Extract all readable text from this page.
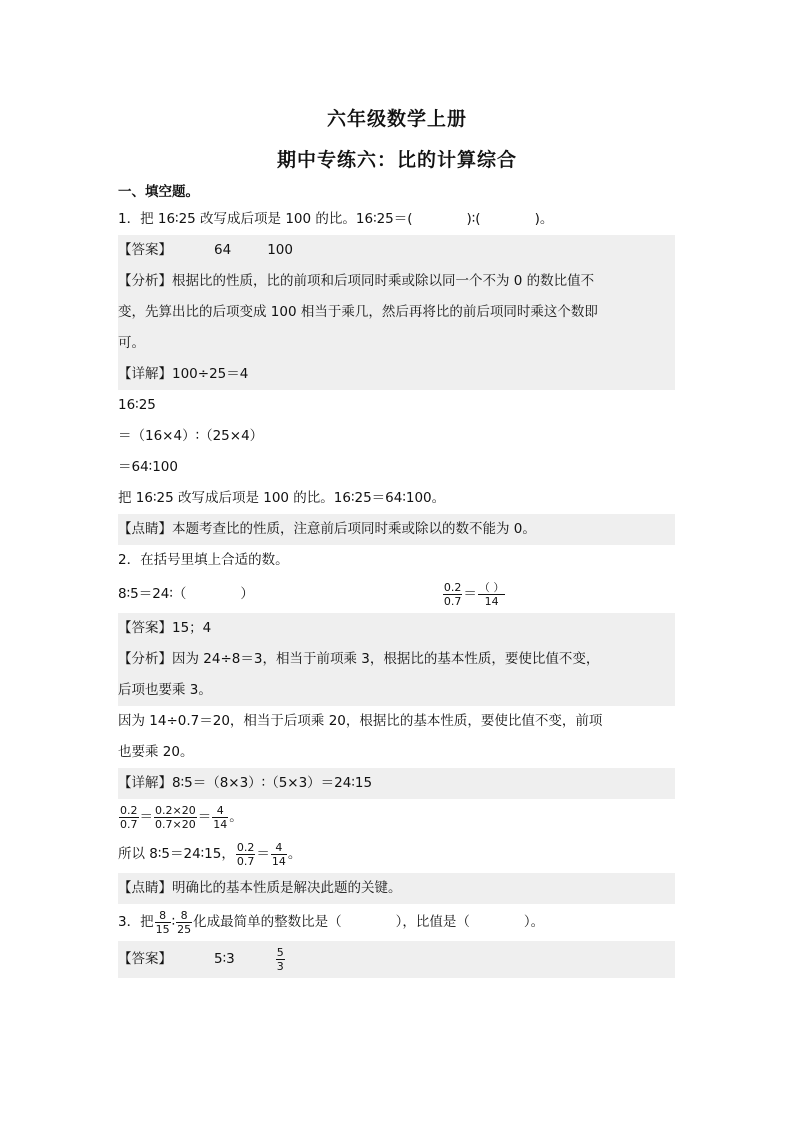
六年级数学上册
期中专练六：比的计算综合
一、填空题。
1．把 16∶25 改写成后项是 100 的比。16∶25＝(　　　　)∶(　　　　)。
【答案】	64	100
【分析】根据比的性质，比的前项和后项同时乘或除以同一个不为 0 的数比值不
变，先算出比的后项变成 100 相当于乘几，然后再将比的前后项同时乘这个数即
可。
【详解】100÷25＝4
16∶25
＝（16×4）∶（25×4）
＝64∶100
把 16∶25 改写成后项是 100 的比。16∶25＝64∶100。
【点睛】本题考查比的性质，注意前后项同时乘或除以的数不能为 0。
2．在括号里填上合适的数。
8∶5＝24∶（　　　　）	$\frac{0.2}{0.7} = \frac{( )}{14}$
【答案】15；4
【分析】因为 24÷8＝3，相当于前项乘 3，根据比的基本性质，要使比值不变，
后项也要乘 3。
因为 14÷0.7＝20，相当于后项乘 20，根据比的基本性质，要使比值不变，前项
也要乘 20。
【详解】8∶5＝（8×3）∶（5×3）＝24∶15
$\frac{0.2}{0.7} = \frac{0.2\times 20}{0.7\times 20} = \frac{4}{14}$ 。
所以 8∶5＝24∶15， $\frac{0.2}{0.7} = \frac{4}{14}$ 。
【点睛】明确比的基本性质是解决此题的关键。
3．把 $\frac{8}{15}$ ∶ $\frac{8}{25}$ 化成最简单的整数比是（　　　　），比值是（　　　　）。
【答案】	5∶3	$\frac{5}{3}$
